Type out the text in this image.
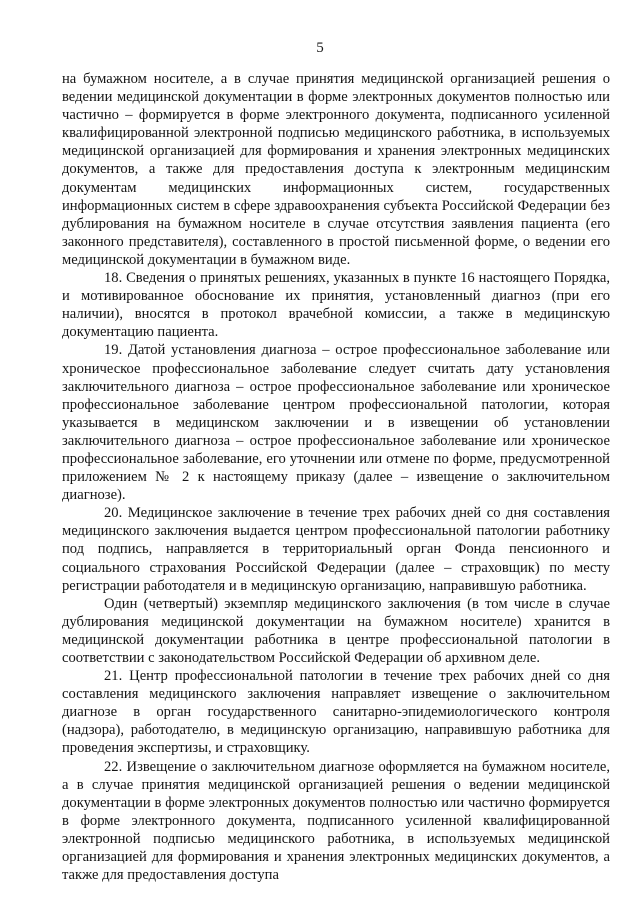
5

на бумажном носителе, а в случае принятия медицинской организацией решения о ведении медицинской документации в форме электронных документов полностью или частично – формируется в форме электронного документа, подписанного усиленной квалифицированной электронной подписью медицинского работника, в используемых медицинской организацией для формирования и хранения электронных медицинских документов, а также для предоставления доступа к электронным медицинским документам медицинских информационных систем, государственных информационных систем в сфере здравоохранения субъекта Российской Федерации без дублирования на бумажном носителе в случае отсутствия заявления пациента (его законного представителя), составленного в простой письменной форме, о ведении его медицинской документации в бумажном виде.

18. Сведения о принятых решениях, указанных в пункте 16 настоящего Порядка, и мотивированное обоснование их принятия, установленный диагноз (при его наличии), вносятся в протокол врачебной комиссии, а также в медицинскую документацию пациента.

19. Датой установления диагноза – острое профессиональное заболевание или хроническое профессиональное заболевание следует считать дату установления заключительного диагноза – острое профессиональное заболевание или хроническое профессиональное заболевание центром профессиональной патологии, которая указывается в медицинском заключении и в извещении об установлении заключительного диагноза – острое профессиональное заболевание или хроническое профессиональное заболевание, его уточнении или отмене по форме, предусмотренной приложением № 2 к настоящему приказу (далее – извещение о заключительном диагнозе).

20. Медицинское заключение в течение трех рабочих дней со дня составления медицинского заключения выдается центром профессиональной патологии работнику под подпись, направляется в территориальный орган Фонда пенсионного и социального страхования Российской Федерации (далее – страховщик) по месту регистрации работодателя и в медицинскую организацию, направившую работника.

Один (четвертый) экземпляр медицинского заключения (в том числе в случае дублирования медицинской документации на бумажном носителе) хранится в медицинской документации работника в центре профессиональной патологии в соответствии с законодательством Российской Федерации об архивном деле.

21. Центр профессиональной патологии в течение трех рабочих дней со дня составления медицинского заключения направляет извещение о заключительном диагнозе в орган государственного санитарно-эпидемиологического контроля (надзора), работодателю, в медицинскую организацию, направившую работника для проведения экспертизы, и страховщику.

22. Извещение о заключительном диагнозе оформляется на бумажном носителе, а в случае принятия медицинской организацией решения о ведении медицинской документации в форме электронных документов полностью или частично формируется в форме электронного документа, подписанного усиленной квалифицированной электронной подписью медицинского работника, в используемых медицинской организацией для формирования и хранения электронных медицинских документов, а также для предоставления доступа
